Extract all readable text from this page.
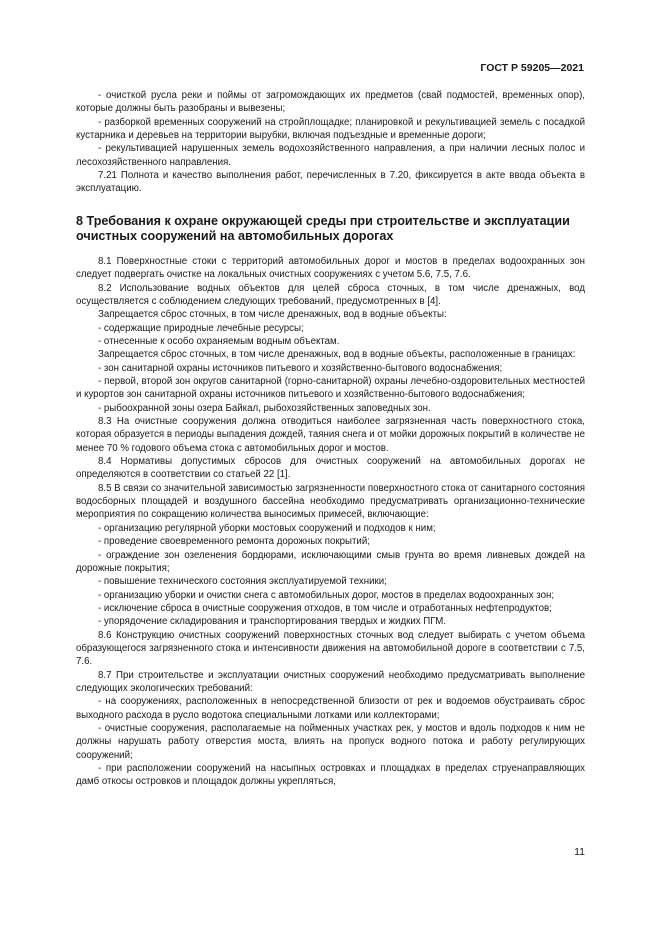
ГОСТ Р 59205—2021

- очисткой русла реки и поймы от загромождающих их предметов (свай подмостей, временных опор), которые должны быть разобраны и вывезены;

- разборкой временных сооружений на стройплощадке; планировкой и рекультивацией земель с посадкой кустарника и деревьев на территории вырубки, включая подъездные и временные дороги;

- рекультивацией нарушенных земель водохозяйственного направления, а при наличии лесных полос и лесохозяйственного направления.

7.21 Полнота и качество выполнения работ, перечисленных в 7.20, фиксируется в акте ввода объекта в эксплуатацию.

8 Требования к охране окружающей среды при строительстве и эксплуатации очистных сооружений на автомобильных дорогах

8.1 Поверхностные стоки с территорий автомобильных дорог и мостов в пределах водоохранных зон следует подвергать очистке на локальных очистных сооружениях с учетом 5.6, 7.5, 7.6.

8.2 Использование водных объектов для целей сброса сточных, в том числе дренажных, вод осуществляется с соблюдением следующих требований, предусмотренных в [4].

Запрещается сброс сточных, в том числе дренажных, вод в водные объекты:

- содержащие природные лечебные ресурсы;

- отнесенные к особо охраняемым водным объектам.

Запрещается сброс сточных, в том числе дренажных, вод в водные объекты, расположенные в границах:

- зон санитарной охраны источников питьевого и хозяйственно-бытового водоснабжения;

- первой, второй зон округов санитарной (горно-санитарной) охраны лечебно-оздоровительных местностей и курортов зон санитарной охраны источников питьевого и хозяйственно-бытового водоснабжения;

- рыбоохранной зоны озера Байкал, рыбохозяйственных заповедных зон.

8.3 На очистные сооружения должна отводиться наиболее загрязненная часть поверхностного стока, которая образуется в периоды выпадения дождей, таяния снега и от мойки дорожных покрытий в количестве не менее 70 % годового объема стока с автомобильных дорог и мостов.

8.4 Нормативы допустимых сбросов для очистных сооружений на автомобильных дорогах не определяются в соответствии со статьей 22 [1].

8.5 В связи со значительной зависимостью загрязненности поверхностного стока от санитарного состояния водосборных площадей и воздушного бассейна необходимо предусматривать организационно-технические мероприятия по сокращению количества выносимых примесей, включающие:

- организацию регулярной уборки мостовых сооружений и подходов к ним;

- проведение своевременного ремонта дорожных покрытий;

- ограждение зон озеленения бордюрами, исключающими смыв грунта во время ливневых дождей на дорожные покрытия;

- повышение технического состояния эксплуатируемой техники;

- организацию уборки и очистки снега с автомобильных дорог, мостов в пределах водоохранных зон;

- исключение сброса в очистные сооружения отходов, в том числе и отработанных нефтепродуктов;

- упорядочение складирования и транспортирования твердых и жидких ПГМ.

8.6 Конструкцию очистных сооружений поверхностных сточных вод следует выбирать с учетом объема образующегося загрязненного стока и интенсивности движения на автомобильной дороге в соответствии с 7.5, 7.6.

8.7 При строительстве и эксплуатации очистных сооружений необходимо предусматривать выполнение следующих экологических требований:

- на сооружениях, расположенных в непосредственной близости от рек и водоемов обустраивать сброс выходного расхода в русло водотока специальными лотками или коллекторами;

- очистные сооружения, располагаемые на пойменных участках рек, у мостов и вдоль подходов к ним не должны нарушать работу отверстия моста, влиять на пропуск водного потока и работу регулирующих сооружений;

- при расположении сооружений на насыпных островках и площадках в пределах струенаправляющих дамб откосы островков и площадок должны укрепляться,

11
